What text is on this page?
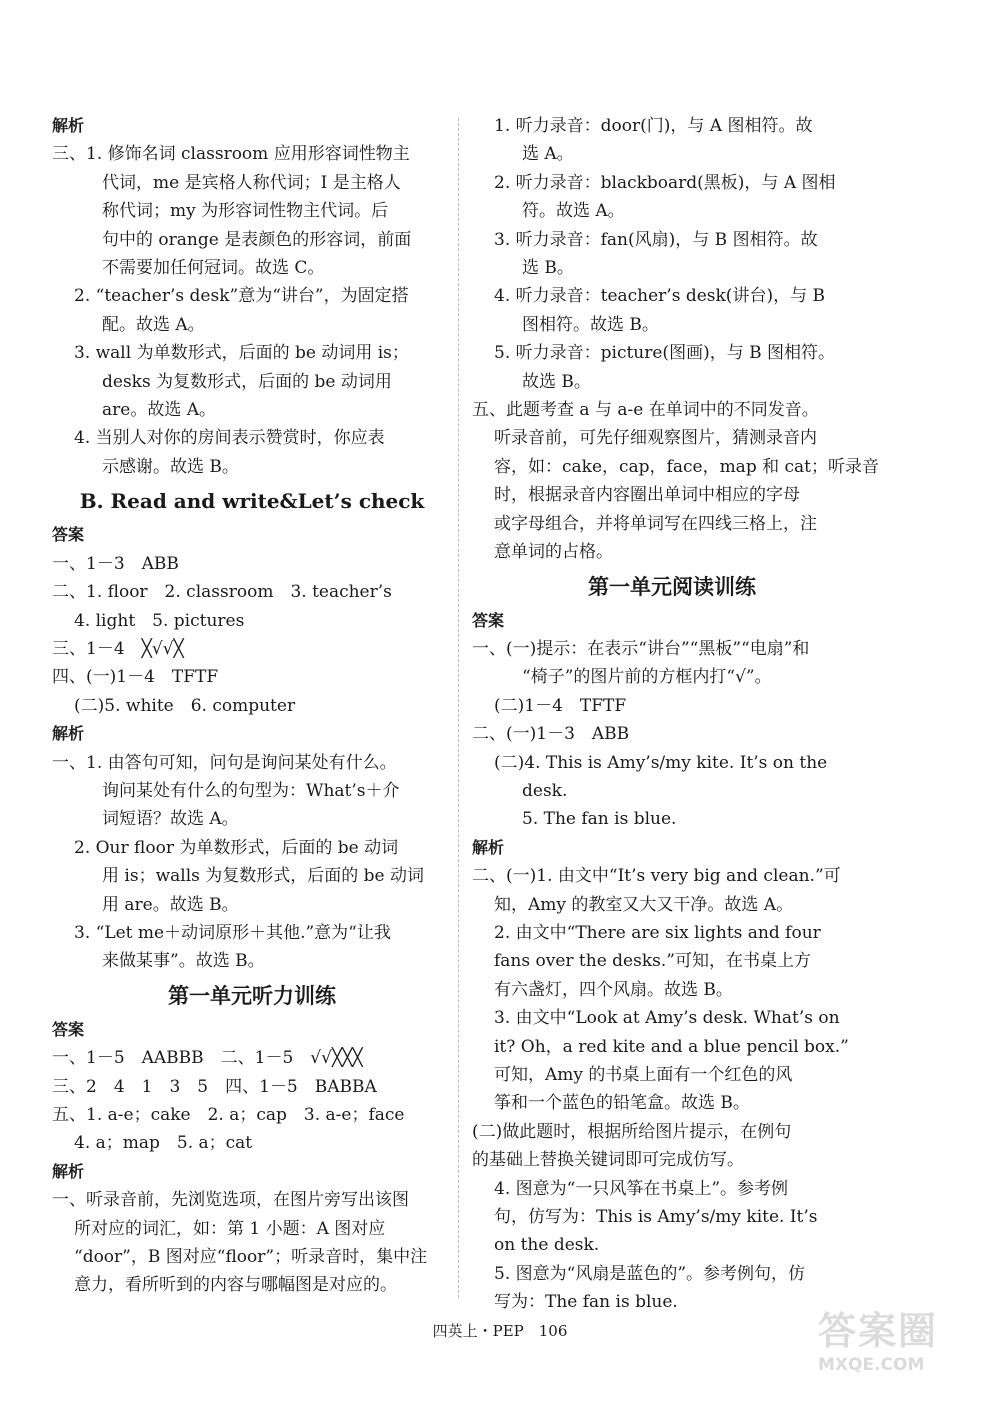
解析
三、1. 修饰名词 classroom 应用形容词性物主
代词，me 是宾格人称代词；I 是主格人
称代词；my 为形容词性物主代词。后
句中的 orange 是表颜色的形容词，前面
不需要加任何冠词。故选 C。
2. “teacher’s desk”意为“讲台”，为固定搭
配。故选 A。
3. wall 为单数形式，后面的 be 动词用 is；
desks 为复数形式，后面的 be 动词用
are。故选 A。
4. 当别人对你的房间表示赞赏时，你应表
示感谢。故选 B。
B. Read and write&Let’s check
答案
一、1－3　ABB
二、1. floor　2. classroom　3. teacher’s
4. light　5. pictures
三、1－4　╳√√╳
四、(一)1－4　TFTF
(二)5. white　6. computer
解析
一、1. 由答句可知，问句是询问某处有什么。
询问某处有什么的句型为：What’s＋介
词短语？故选 A。
2. Our floor 为单数形式，后面的 be 动词
用 is；walls 为复数形式，后面的 be 动词
用 are。故选 B。
3. “Let me＋动词原形＋其他.”意为“让我
来做某事”。故选 B。
第一单元听力训练
答案
一、1－5　AABBB　二、1－5　√√╳╳╳
三、2　4　1　3　5　四、1－5　BABBA
五、1. a-e；cake　2. a；cap　3. a-e；face
4. a；map　5. a；cat
解析
一、听录音前，先浏览选项，在图片旁写出该图
所对应的词汇，如：第 1 小题：A 图对应
“door”，B 图对应“floor”；听录音时，集中注
意力，看所听到的内容与哪幅图是对应的。
1. 听力录音：door(门)，与 A 图相符。故
选 A。
2. 听力录音：blackboard(黑板)，与 A 图相
符。故选 A。
3. 听力录音：fan(风扇)，与 B 图相符。故
选 B。
4. 听力录音：teacher’s desk(讲台)，与 B
图相符。故选 B。
5. 听力录音：picture(图画)，与 B 图相符。
故选 B。
五、此题考查 a 与 a-e 在单词中的不同发音。
听录音前，可先仔细观察图片，猜测录音内
容，如：cake，cap，face，map 和 cat；听录音
时，根据录音内容圈出单词中相应的字母
或字母组合，并将单词写在四线三格上，注
意单词的占格。
第一单元阅读训练
答案
一、(一)提示：在表示“讲台”“黑板”“电扇”和
“椅子”的图片前的方框内打“√”。
(二)1－4　TFTF
二、(一)1－3　ABB
(二)4. This is Amy’s/my kite. It’s on the
desk.
5. The fan is blue.
解析
二、(一)1. 由文中“It’s very big and clean.”可
知，Amy 的教室又大又干净。故选 A。
2. 由文中“There are six lights and four
fans over the desks.”可知，在书桌上方
有六盏灯，四个风扇。故选 B。
3. 由文中“Look at Amy’s desk. What’s on
it? Oh，a red kite and a blue pencil box.”
可知，Amy 的书桌上面有一个红色的风
筝和一个蓝色的铅笔盒。故选 B。
(二)做此题时，根据所给图片提示，在例句
的基础上替换关键词即可完成仿写。
4. 图意为“一只风筝在书桌上”。参考例
句，仿写为：This is Amy’s/my kite. It’s
on the desk.
5. 图意为“风扇是蓝色的”。参考例句，仿
写为：The fan is blue.
四英上・PEP　106	答案圈
MXQE.COM
